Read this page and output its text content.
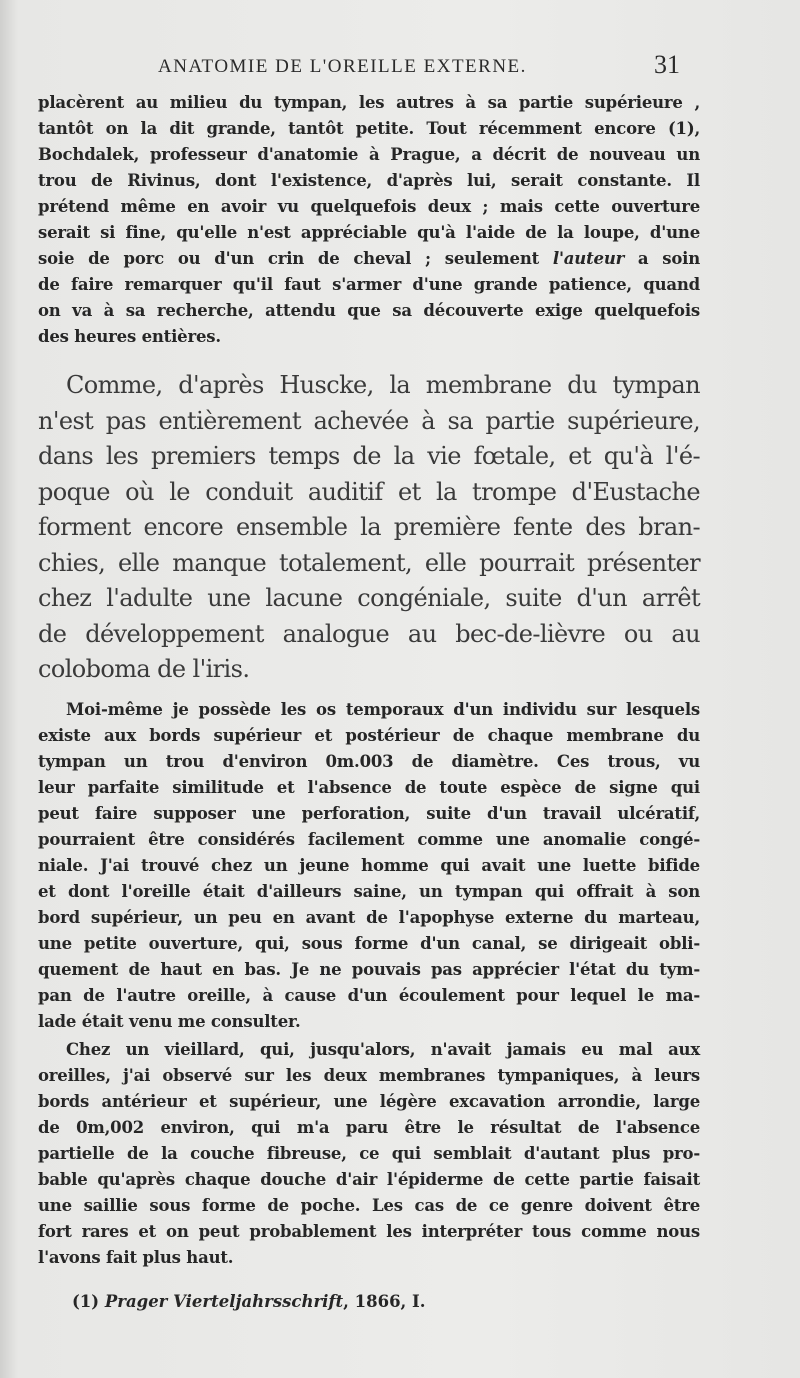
ANATOMIE DE L'OREILLE EXTERNE.	31
placèrent au milieu du tympan, les autres à sa partie supérieure ,
tantôt on la dit grande, tantôt petite. Tout récemment encore (1),
Bochdalek, professeur d'anatomie à Prague, a décrit de nouveau un
trou de Rivinus, dont l'existence, d'après lui, serait constante. Il
prétend même en avoir vu quelquefois deux ; mais cette ouverture
serait si fine, qu'elle n'est appréciable qu'à l'aide de la loupe, d'une
soie de porc ou d'un crin de cheval ; seulement l'auteur a soin
de faire remarquer qu'il faut s'armer d'une grande patience, quand
on va à sa recherche, attendu que sa découverte exige quelquefois
des heures entières.
Comme, d'après Huscke, la membrane du tympan
n'est pas entièrement achevée à sa partie supérieure,
dans les premiers temps de la vie fœtale, et qu'à l'é-
poque où le conduit auditif et la trompe d'Eustache
forment encore ensemble la première fente des bran-
chies, elle manque totalement, elle pourrait présenter
chez l'adulte une lacune congéniale, suite d'un arrêt
de développement analogue au bec-de-lièvre ou au
coloboma de l'iris.
Moi-même je possède les os temporaux d'un individu sur lesquels
existe aux bords supérieur et postérieur de chaque membrane du
tympan un trou d'environ 0m.003 de diamètre. Ces trous, vu
leur parfaite similitude et l'absence de toute espèce de signe qui
peut faire supposer une perforation, suite d'un travail ulcératif,
pourraient être considérés facilement comme une anomalie congé-
niale. J'ai trouvé chez un jeune homme qui avait une luette bifide
et dont l'oreille était d'ailleurs saine, un tympan qui offrait à son
bord supérieur, un peu en avant de l'apophyse externe du marteau,
une petite ouverture, qui, sous forme d'un canal, se dirigeait obli-
quement de haut en bas. Je ne pouvais pas apprécier l'état du tym-
pan de l'autre oreille, à cause d'un écoulement pour lequel le ma-
lade était venu me consulter.
Chez un vieillard, qui, jusqu'alors, n'avait jamais eu mal aux
oreilles, j'ai observé sur les deux membranes tympaniques, à leurs
bords antérieur et supérieur, une légère excavation arrondie, large
de 0m,002 environ, qui m'a paru être le résultat de l'absence
partielle de la couche fibreuse, ce qui semblait d'autant plus pro-
bable qu'après chaque douche d'air l'épiderme de cette partie faisait
une saillie sous forme de poche. Les cas de ce genre doivent être
fort rares et on peut probablement les interpréter tous comme nous
l'avons fait plus haut.
(1) Prager Vierteljahrsschrift, 1866, I.
